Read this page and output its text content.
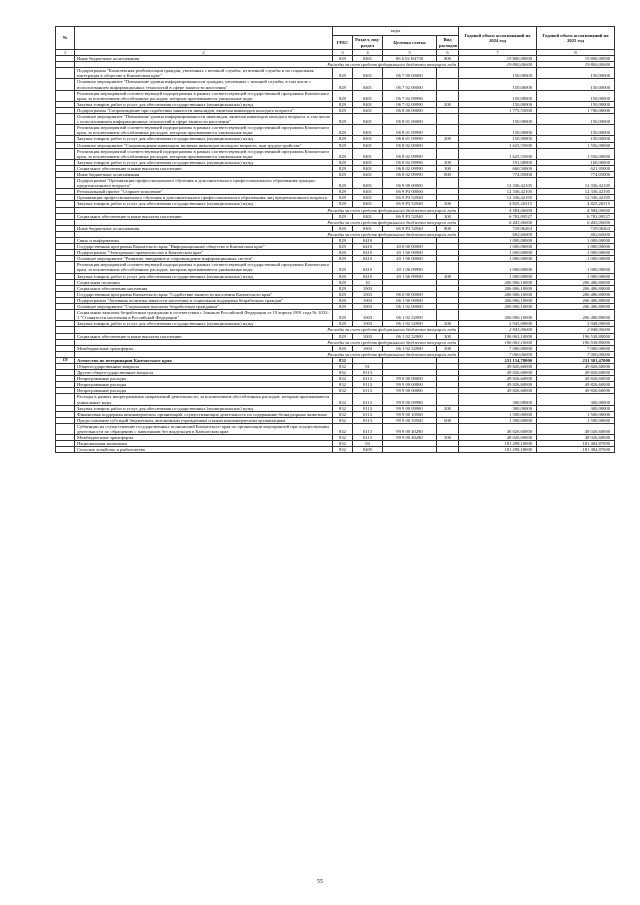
№		коды				Годовой объем ассигнований на 2024 год	Годовой объем ассигнований на 2025 год
		ГРБС	Раздел, под-раздел	Целевая статья	Вид расходов		
1	2	3	4	5	6	7	8
	Иные бюджетные ассигнования	829	0401	06 6 02 R4730	800	19 800,00000	19 800,00000
	Расходы за счет средств федерального бюджета текущего года					19 800,00000	19 800,00000
	Подпрограмма "Комплексная реабилитация граждан, уволенных с военной службы, из военной службы и их социальная интеграция в обществе в Камчатском крае"	829	0401	06 7 00 00000		150,00000	150,00000
	Основное мероприятие "Повышение уровня информированности граждан, уволенных с военной службы, в том числе с использованием информационных технологий в сфере занятости населения"	829	0401	06 7 02 00000		150,00000	150,00000
	Реализация мероприятий соответствующей подпрограммы в рамках соответствующей государственной программы Камчатского края, за исключением обособленных расходов, которым присваиваются уникальные коды	829	0401	06 7 02 09990		150,00000	150,00000
	Закупка товаров, работ и услуг для обеспечения государственных (муниципальных) нужд	829	0401	06 7 02 09990	200	150,00000	150,00000
	Подпрограмма "Сопровождение при содействии занятости инвалидов, включая инвалидов молодого возраста"	829	0401	06 8 00 00000		1 775,55000	1 706,00000
	Основное мероприятие "Повышение уровня информированности инвалидов, включая инвалидов молодого возраста, в том числе с использованием информационных технологий в сфере занятости населения"	829	0401	06 8 01 00000		150,00000	150,00000
	Реализация мероприятий соответствующей подпрограммы в рамках соответствующей государственной программы Камчатского края, за исключением обособленных расходов, которым присваиваются уникальные коды	829	0401	06 8 01 09990		150,00000	150,00000
	Закупка товаров, работ и услуг для обеспечения государственных (муниципальных) нужд	829	0401	06 8 01 09990	200	150,00000	150,00000
	Основное мероприятие "Сопровождение инвалидов, включая инвалидов молодого возраста, при трудоустройстве"	829	0401	06 8 02 00000		1 625,55000	1 556,00000
	Реализация мероприятий соответствующей подпрограммы в рамках соответствующей государственной программы Камчатского края, за исключением обособленных расходов, которым присваиваются уникальные коды	829	0401	06 8 02 09990		1 625,55000	1 556,00000
	Закупка товаров, работ и услуг для обеспечения государственных (муниципальных) нужд	829	0401	06 8 02 09990	200	191,00000	160,00000
	Социальное обеспечение и иные выплаты населению	829	0401	06 8 02 09990	300	660,50000	621,95000
	Иные бюджетные ассигнования	829	0401	06 8 02 09990	800	774,05000	774,05000
	Подпрограмма "Организация профессионального обучения и дополнительного профессионального образования граждан предпенсионного возраста"	829	0401	06 9 00 00000		12 336,42105	12 336,42105
	Региональный проект "Старшее поколение"	829	0401	06 9 P3 00000		12 336,42105	12 336,42105
	Организация профессионального обучения и дополнительного профессионального образования лиц предпенсионного возраста	829	0401	06 9 P3 52940		12 336,42105	12 336,42105
	Закупка товаров, работ и услуг для обеспечения государственных (муниципальных) нужд	829	0401	06 9 P3 52940	200	4 825,26315	4 825,26315
	Расходы за счет средств федерального бюджета текущего года					4 584,00000	4 584,00000
	Социальное обеспечение и иные выплаты населению	829	0401	06 9 P3 52940	300	6 782,09527	6 782,09527
	Расходы за счет средств федерального бюджета текущего года					6 443,00000	6 443,00000
	Иные бюджетные ассигнования	829	0401	06 9 P3 52940	800	729,06263	729,06263
	Расходы за счет средств федерального бюджета текущего года					692,60000	692,60000
	Связь и информатика	829	0410			1 000,00000	1 000,00000
	Государственная программа Камчатского края "Информационное общество в Камчатском крае"	829	0410	20 0 00 00000		1 000,00000	1 000,00000
	Подпрограмма "Электронное правительство в Камчатском крае"	829	0410	20 1 00 00000		1 000,00000	1 000,00000
	Основное мероприятие "Развитие, внедрение и сопровождение информационных систем"	829	0410	20 1 06 00000		1 000,00000	1 000,00000
	Реализация мероприятий соответствующей подпрограммы в рамках соответствующей государственной программы Камчатского края, за исключением обособленных расходов, которым присваиваются уникальные коды	829	0410	20 1 06 09990		1 000,00000	1 000,00000
	Закупка товаров, работ и услуг для обеспечения государственных (муниципальных) нужд	829	0410	20 1 06 09990	200	1 000,00000	1 000,00000
	Социальная политика	829	10			206 006,10000	206 486,80000
	Социальное обеспечение населения	829	1003			206 006,10000	206 486,80000
	Государственная программа Камчатского края "Содействие занятости населения Камчатского края"	829	1003	06 0 00 00000		206 006,10000	206 486,80000
	Подпрограмма "Активная политика занятости населения и социальная поддержка безработных граждан"	829	1003	06 1 00 00000		206 006,10000	206 486,80000
	Основное мероприятие "Социальные выплаты безработным гражданам"	829	1003	06 1 02 00000		206 006,10000	206 486,80000
	Социальные выплаты безработным гражданам в соответствии с Законом Российской Федерации от 19 апреля 1991 года № 1032-1 "О занятости населения в Российской Федерации"	829	1003	06 1 02 52900		206 006,10000	206 486,80000
	Закупка товаров, работ и услуг для обеспечения государственных (муниципальных) нужд	829	1003	06 1 02 52900	200	2 943,00000	2 948,00000
	Расходы за счет средств федерального бюджета текущего года					2 943,00000	2 948,00000
	Социальное обеспечение и иные выплаты населению	829	1003	06 1 02 52900	300	196 063,10000	196 538,80000
	Расходы за счет средств федерального бюджета текущего года					196 063,10000	196 538,80000
	Межбюджетные трансферты	829	1003	06 1 02 52900	500	7 000,00000	7 000,00000
	Расходы за счет средств федерального бюджета текущего года					7 000,00000	7 000,00000
19	Агентство по ветеринарии Камчатского края	832				231 154,78000	231 301,47000
	Общегосударственные вопросы	832	01			49 826,60000	49 826,60000
	Другие общегосударственные вопросы	832	0113			49 826,60000	49 826,60000
	Непрограммные расходы	832	0113	99 0 00 00000		49 826,60000	49 826,60000
	Непрограммные расходы	832	0113	99 9 00 00000		49 826,60000	49 826,60000
	Непрограммные расходы	832	0113	99 9 00 00000		49 826,60000	49 826,60000
	Расходы в рамках непрограммных направлений деятельности, за исключением обособленных расходов, которым присваиваются уникальные коды	832	0113	99 9 00 09980		300,00000	300,00000
	Закупка товаров, работ и услуг для обеспечения государственных (муниципальных) нужд	832	0113	99 9 00 09980	200	300,00000	300,00000
	Финансовая поддержка некоммерческих организаций, осуществляющих деятельность по содержанию безнадзорных животных	832	0113	99 9 00 10560		1 500,00000	1 500,00000
	Предоставление субсидий бюджетным, автономным учреждениям и иным некоммерческим организациям	832	0113	99 9 00 10560	600	1 500,00000	1 500,00000
	Субвенции на осуществление государственных полномочий Камчатского края по организации мероприятий при осуществлении деятельности по обращению с животными без владельцев в Камчатском крае	832	0113	99 9 00 40280		48 026,60000	48 026,60000
	Межбюджетные трансферты	832	0113	99 9 00 40280	500	48 026,60000	48 026,60000
	Национальная экономика	832	04			181 298,18000	181 484,87000
	Сельское хозяйство и рыболовство	832	0405			181 298,18000	181 484,87000
55
